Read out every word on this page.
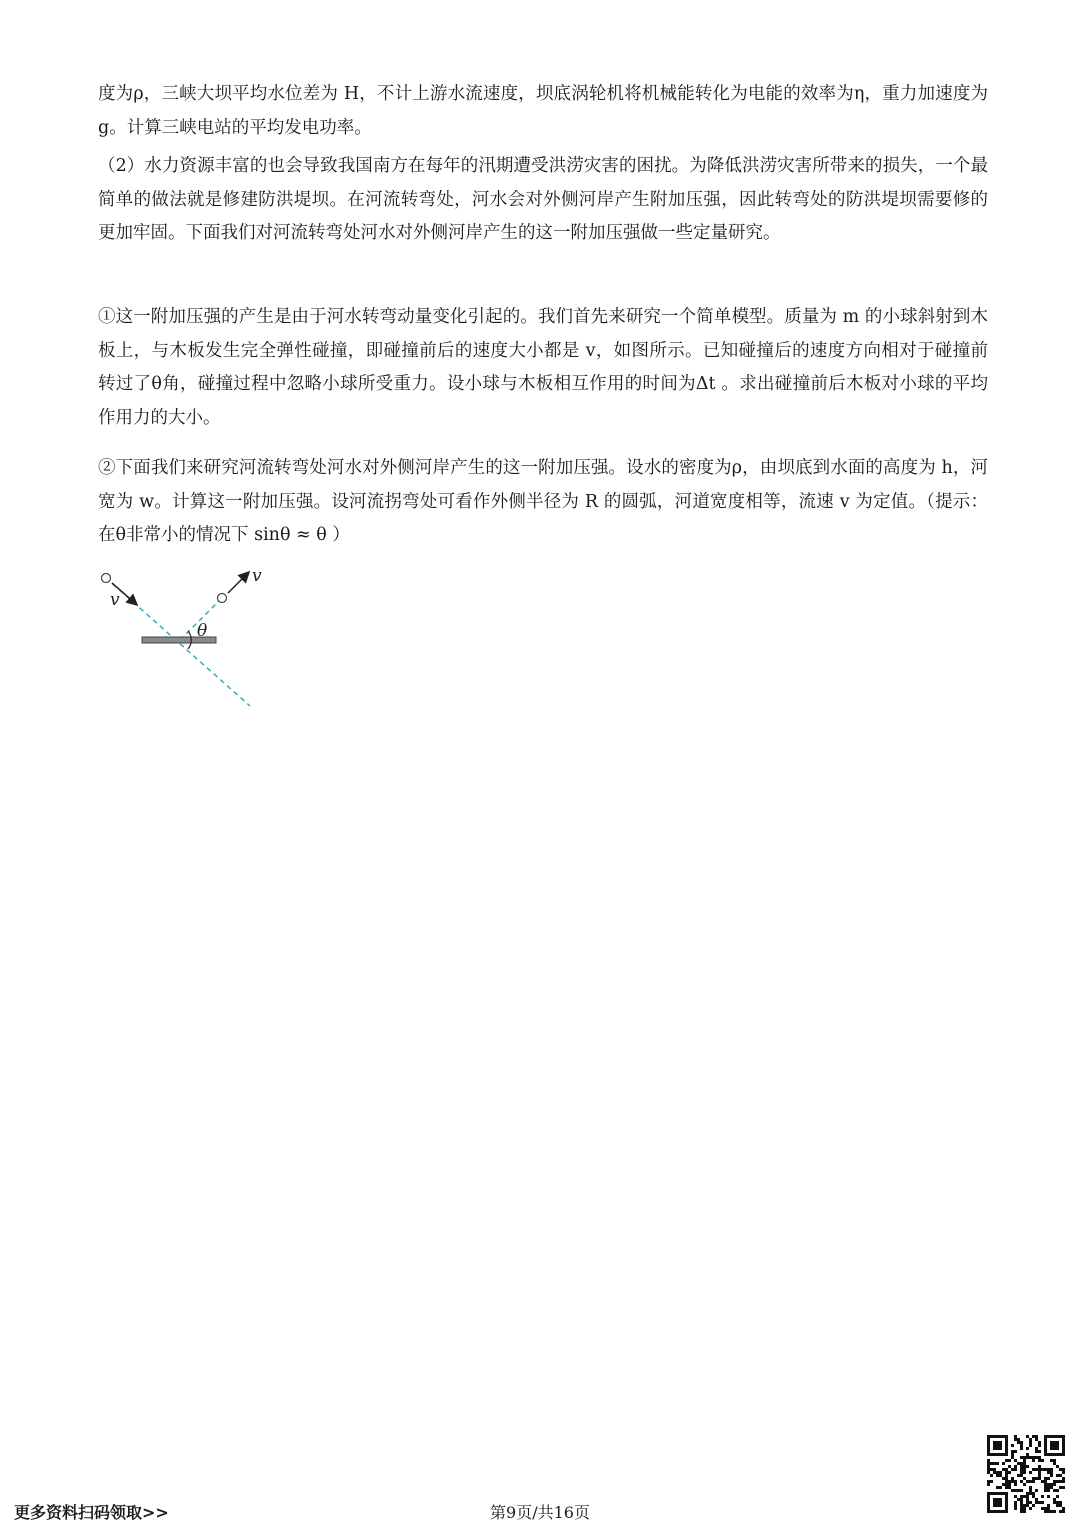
度为ρ，三峡大坝平均水位差为 H，不计上游水流速度，坝底涡轮机将机械能转化为电能的效率为η，重力加速度为 g。计算三峡电站的平均发电功率。

（2）水力资源丰富的也会导致我国南方在每年的汛期遭受洪涝灾害的困扰。为降低洪涝灾害所带来的损失，一个最简单的做法就是修建防洪堤坝。在河流转弯处，河水会对外侧河岸产生附加压强，因此转弯处的防洪堤坝需要修的更加牢固。下面我们对河流转弯处河水对外侧河岸产生的这一附加压强做一些定量研究。

①这一附加压强的产生是由于河水转弯动量变化引起的。我们首先来研究一个简单模型。质量为 m 的小球斜射到木板上，与木板发生完全弹性碰撞，即碰撞前后的速度大小都是 v，如图所示。已知碰撞后的速度方向相对于碰撞前转过了θ角，碰撞过程中忽略小球所受重力。设小球与木板相互作用的时间为Δt 。求出碰撞前后木板对小球的平均作用力的大小。

②下面我们来研究河流转弯处河水对外侧河岸产生的这一附加压强。设水的密度为ρ，由坝底到水面的高度为 h，河宽为 w。计算这一附加压强。设河流拐弯处可看作外侧半径为 R 的圆弧，河道宽度相等，流速 v 为定值。（提示：在θ非常小的情况下 sinθ ≈ θ ）

v
v
θ
更多资料扫码领取>>	第9页/共16页
